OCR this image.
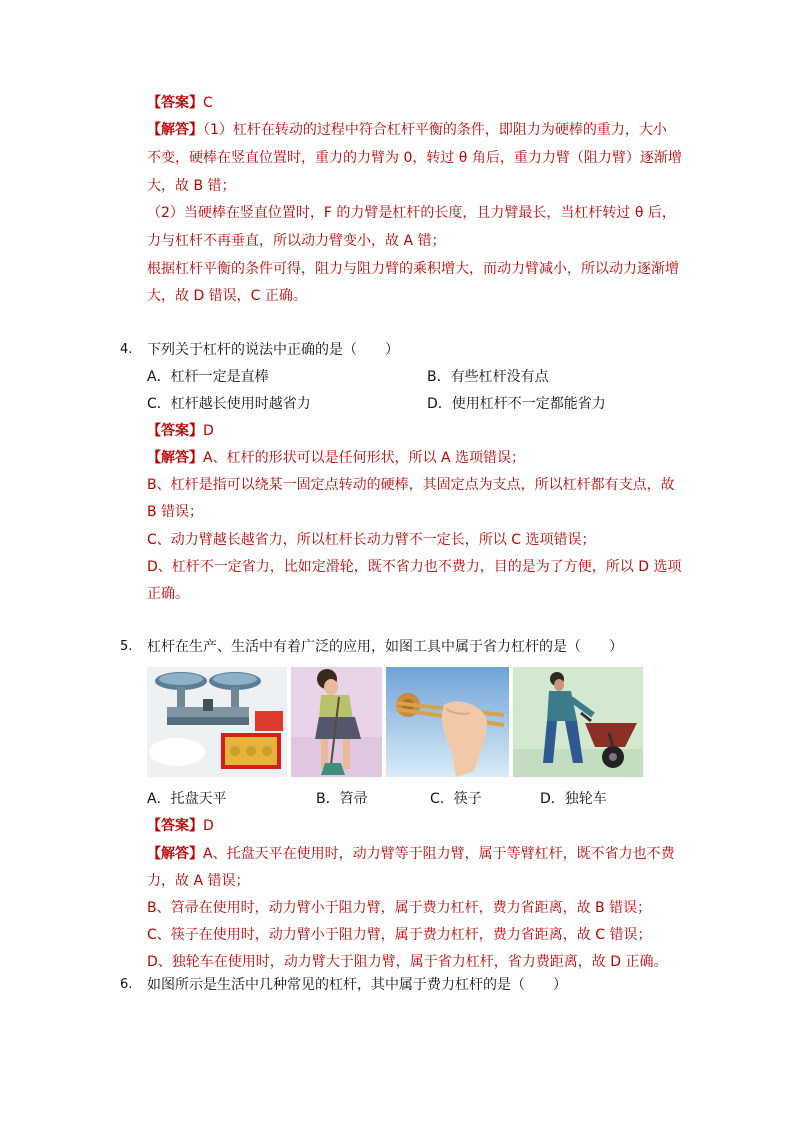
【答案】C
【解答】（1）杠杆在转动的过程中符合杠杆平衡的条件，即阻力为硬棒的重力，大小
不变，硬棒在竖直位置时，重力的力臂为 0，转过 θ 角后，重力力臂（阻力臂）逐渐增
大，故 B 错；
（2）当硬棒在竖直位置时，F 的力臂是杠杆的长度，且力臂最长，当杠杆转过 θ 后，
力与杠杆不再垂直，所以动力臂变小，故 A 错；
根据杠杆平衡的条件可得，阻力与阻力臂的乘积增大，而动力臂减小，所以动力逐渐增
大，故 D 错误，C 正确。
4. 下列关于杠杆的说法中正确的是（　　）
A．杠杆一定是直棒	B．有些杠杆没有点
C．杠杆越长使用时越省力	D．使用杠杆不一定都能省力
【答案】D
【解答】A、杠杆的形状可以是任何形状，所以 A 选项错误；
B、杠杆是指可以绕某一固定点转动的硬棒，其固定点为支点，所以杠杆都有支点，故
B 错误；
C、动力臂越长越省力，所以杠杆长动力臂不一定长，所以 C 选项错误；
D、杠杆不一定省力，比如定滑轮，既不省力也不费力，目的是为了方便，所以 D 选项
正确。
5. 杠杆在生产、生活中有着广泛的应用，如图工具中属于省力杠杆的是（　　）
A．托盘天平	B．笤帚	C．筷子	D．独轮车
【答案】D
【解答】A、托盘天平在使用时，动力臂等于阻力臂，属于等臂杠杆，既不省力也不费
力，故 A 错误；
B、笤帚在使用时，动力臂小于阻力臂，属于费力杠杆，费力省距离，故 B 错误；
C、筷子在使用时，动力臂小于阻力臂，属于费力杠杆，费力省距离，故 C 错误；
D、独轮车在使用时，动力臂大于阻力臂，属于省力杠杆，省力费距离，故 D 正确。
6. 如图所示是生活中几种常见的杠杆，其中属于费力杠杆的是（　　）
